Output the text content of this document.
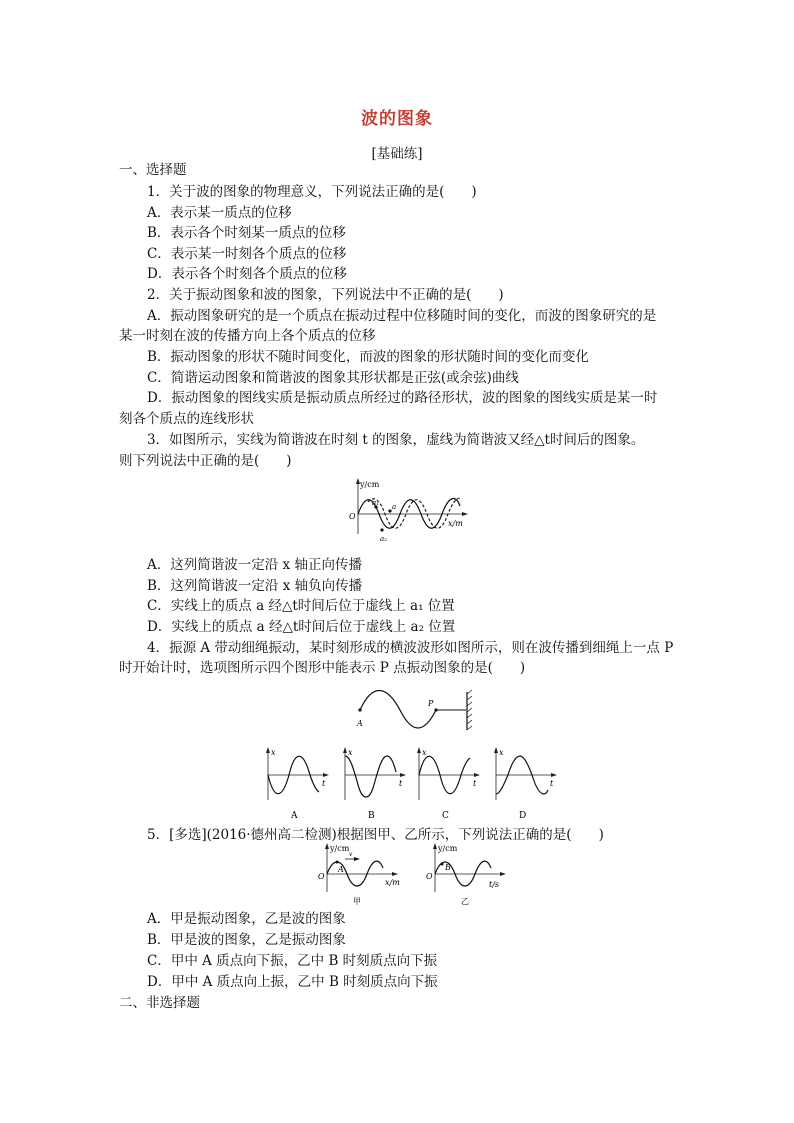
波的图象
[基础练]
一、选择题
1．关于波的图象的物理意义，下列说法正确的是(　　)
A．表示某一质点的位移
B．表示各个时刻某一质点的位移
C．表示某一时刻各个质点的位移
D．表示各个时刻各个质点的位移
2．关于振动图象和波的图象，下列说法中不正确的是(　　)
A．振动图象研究的是一个质点在振动过程中位移随时间的变化，而波的图象研究的是
某一时刻在波的传播方向上各个质点的位移
B．振动图象的形状不随时间变化，而波的图象的形状随时间的变化而变化
C．简谐运动图象和简谐波的图象其形状都是正弦(或余弦)曲线
D．振动图象的图线实质是振动质点所经过的路径形状，波的图象的图线实质是某一时
刻各个质点的连线形状
3．如图所示，实线为简谐波在时刻 t 的图象，虚线为简谐波又经△t时间后的图象。
则下列说法中正确的是(　　)
y/cm
x/m
O
a₁ a
a₂
A．这列简谐波一定沿 x 轴正向传播
B．这列简谐波一定沿 x 轴负向传播
C．实线上的质点 a 经△t时间后位于虚线上 a₁ 位置
D．实线上的质点 a 经△t时间后位于虚线上 a₂ 位置
4．振源 A 带动细绳振动，某时刻形成的横波波形如图所示，则在波传播到细绳上一点 P
时开始计时，选项图所示四个图形中能表示 P 点振动图象的是(　　)
A
P
x
t
A
x
t
B
x
t
C
x
t
D
5．[多选](2016·德州高二检测)根据图甲、乙所示，下列说法正确的是(　　)
y/cm
v
A
O
x/m
甲
y/cm
B
O
t/s
乙
A．甲是振动图象，乙是波的图象
B．甲是波的图象，乙是振动图象
C．甲中 A 质点向下振，乙中 B 时刻质点向下振
D．甲中 A 质点向上振，乙中 B 时刻质点向下振
二、非选择题
